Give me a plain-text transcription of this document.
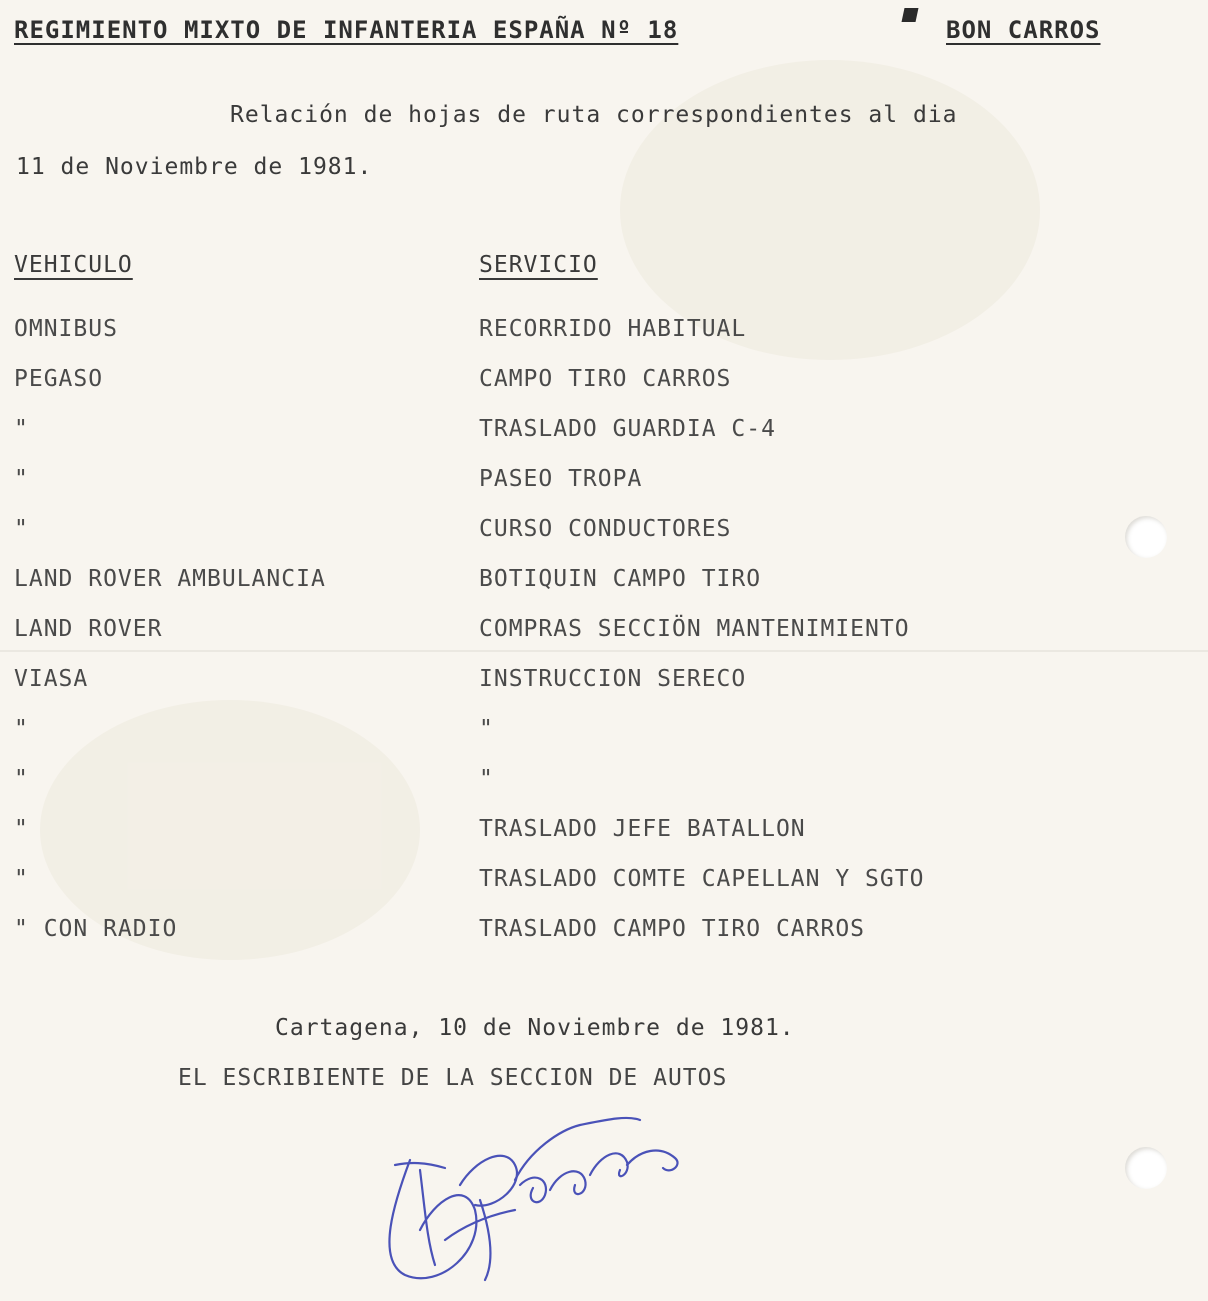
REGIMIENTO MIXTO DE INFANTERIA ESPAÑA Nº 18	BON CARROS
Relación de hojas de ruta correspondientes al dia
11 de Noviembre de 1981.
VEHICULO	SERVICIO
OMNIBUS	RECORRIDO HABITUAL
PEGASO	CAMPO TIRO CARROS
"	TRASLADO GUARDIA C-4
"	PASEO TROPA
"	CURSO CONDUCTORES
LAND ROVER AMBULANCIA	BOTIQUIN CAMPO TIRO
LAND ROVER	COMPRAS SECCIÖN MANTENIMIENTO
VIASA	INSTRUCCION SERECO
"	"
"	"
"	TRASLADO JEFE BATALLON
"	TRASLADO COMTE CAPELLAN Y SGTO
" CON RADIO	TRASLADO CAMPO TIRO CARROS
Cartagena, 10 de Noviembre de 1981.
EL ESCRIBIENTE DE LA SECCION DE AUTOS
